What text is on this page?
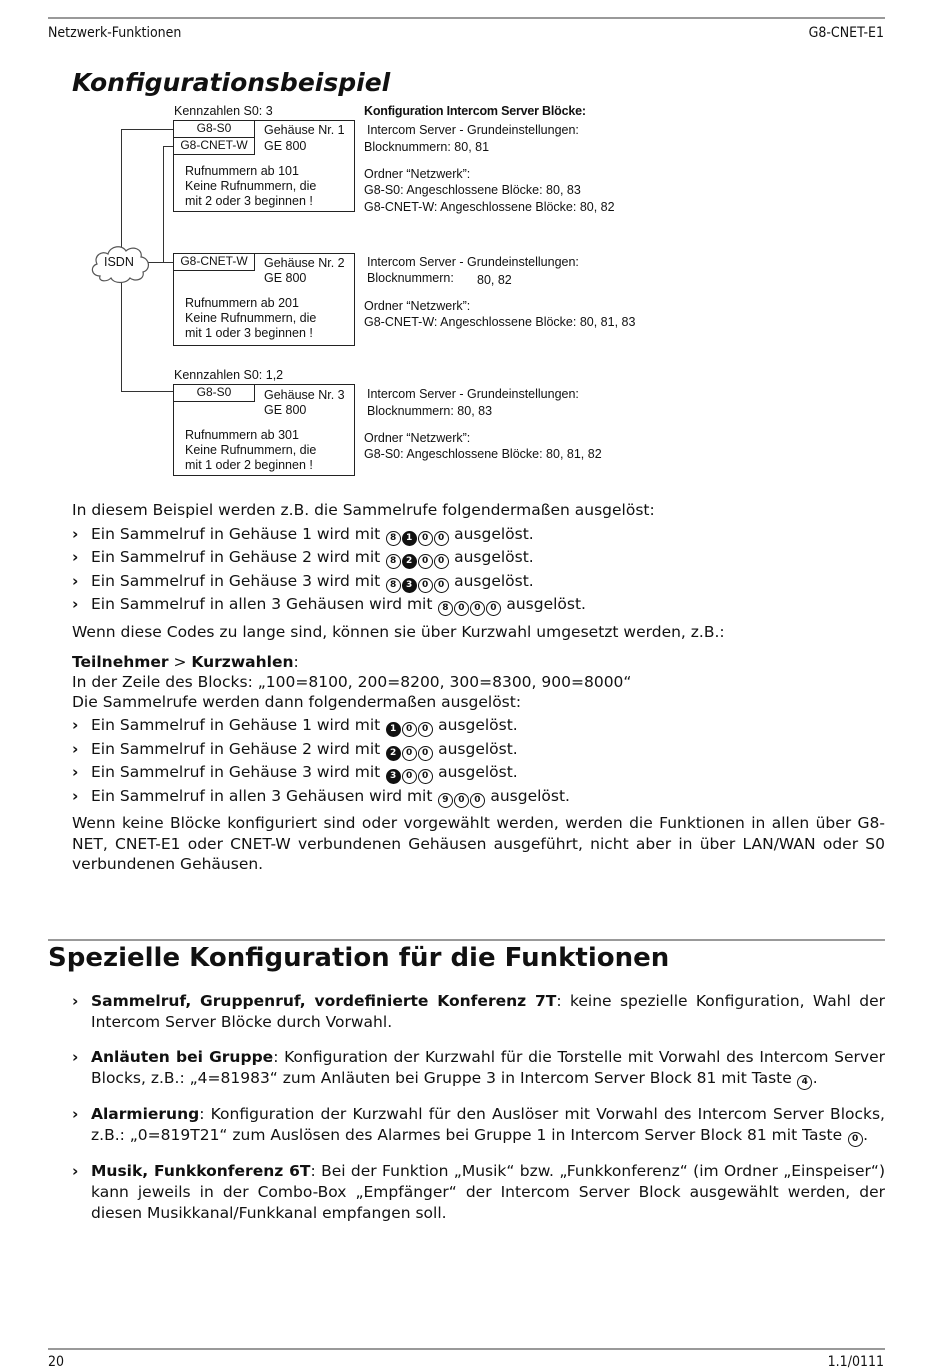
Netzwerk-Funktionen	G8-CNET-E1
Konfigurationsbeispiel
ISDN
Konfiguration Intercom Server Blöcke:
Kennzahlen S0: 3
G8-S0
G8-CNET-W
Gehäuse Nr. 1
GE 800
Rufnummern ab 101
Keine Rufnummern, die
mit 2 oder 3 beginnen !
Intercom Server - Grundeinstellungen:
Blocknummern: 80, 81
Ordner “Netzwerk”:
G8-S0: Angeschlossene Blöcke: 80, 83
G8-CNET-W: Angeschlossene Blöcke: 80, 82
G8-CNET-W	Gehäuse Nr. 2
GE 800
Rufnummern ab 201
Keine Rufnummern, die
mit 1 oder 3 beginnen !
Intercom Server - Grundeinstellungen:
Blocknummern: 80, 82
Ordner “Netzwerk”:
G8-CNET-W: Angeschlossene Blöcke: 80, 81, 83
Kennzahlen S0: 1,2
G8-S0	Gehäuse Nr. 3
GE 800
Rufnummern ab 301
Keine Rufnummern, die
mit 1 oder 2 beginnen !
Intercom Server - Grundeinstellungen:
Blocknummern: 80, 83
Ordner “Netzwerk”:
G8-S0: Angeschlossene Blöcke: 80, 81, 82
In diesem Beispiel werden z.B. die Sammelrufe folgendermaßen ausgelöst:
› Ein Sammelruf in Gehäuse 1 wird mit 8 1 0 0 ausgelöst.
› Ein Sammelruf in Gehäuse 2 wird mit 8 2 0 0 ausgelöst.
› Ein Sammelruf in Gehäuse 3 wird mit 8 3 0 0 ausgelöst.
› Ein Sammelruf in allen 3 Gehäusen wird mit 8 0 0 0 ausgelöst.
Wenn diese Codes zu lange sind, können sie über Kurzwahl umgesetzt werden, z.B.:
Teilnehmer > Kurzwahlen:
In der Zeile des Blocks: „100=8100, 200=8200, 300=8300, 900=8000“
Die Sammelrufe werden dann folgendermaßen ausgelöst:
› Ein Sammelruf in Gehäuse 1 wird mit 1 0 0 ausgelöst.
› Ein Sammelruf in Gehäuse 2 wird mit 2 0 0 ausgelöst.
› Ein Sammelruf in Gehäuse 3 wird mit 3 0 0 ausgelöst.
› Ein Sammelruf in allen 3 Gehäusen wird mit 9 0 0 ausgelöst.
Wenn keine Blöcke konfiguriert sind oder vorgewählt werden, werden die Funktionen in allen über G8-NET, CNET-E1 oder CNET-W verbundenen Gehäusen ausgeführt, nicht aber in über LAN/WAN oder S0 verbundenen Gehäusen.
Spezielle Konfiguration für die Funktionen
› Sammelruf, Gruppenruf, vordefinierte Konferenz 7T: keine spezielle Konfiguration, Wahl der Intercom Server Blöcke durch Vorwahl.
› Anläuten bei Gruppe: Konfiguration der Kurzwahl für die Torstelle mit Vorwahl des Intercom Server Blocks, z.B.: „4=81983“ zum Anläuten bei Gruppe 3 in Intercom Server Block 81 mit Taste 4 .
› Alarmierung: Konfiguration der Kurzwahl für den Auslöser mit Vorwahl des Intercom Server Blocks, z.B.: „0=819T21“ zum Auslösen des Alarmes bei Gruppe 1 in Intercom Server Block 81 mit Taste 0 .
› Musik, Funkkonferenz 6T: Bei der Funktion „Musik“ bzw. „Funkkonferenz“ (im Ordner „Einspeiser“) kann jeweils in der Combo-Box „Empfänger“ der Intercom Server Block ausgewählt werden, der diesen Musikkanal/Funkkanal empfangen soll.
20	1.1/0111
